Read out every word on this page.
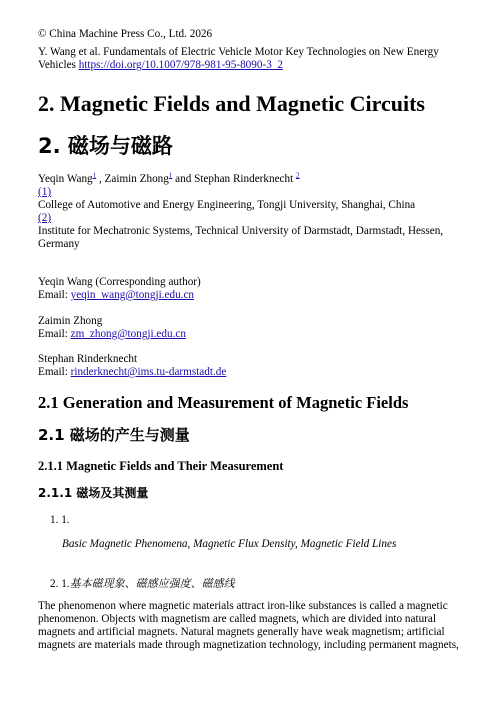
© China Machine Press Co., Ltd. 2026
Y. Wang et al. Fundamentals of Electric Vehicle Motor Key Technologies on New Energy
Vehicles https://doi.org/10.1007/978-981-95-8090-3_2
2. Magnetic Fields and Magnetic Circuits
2. 磁场与磁路
Yeqin Wang$^1$ , Zaimin Zhong$^1$ and Stephan Rinderknecht $^2$
(1)
College of Automotive and Energy Engineering, Tongji University, Shanghai, China
(2)
Institute for Mechatronic Systems, Technical University of Darmstadt, Darmstadt, Hessen, Germany
Yeqin Wang (Corresponding author)
Email: yeqin_wang@tongji.edu.cn
Zaimin Zhong
Email: zm_zhong@tongji.edu.cn
Stephan Rinderknecht
Email: rinderknecht@ims.tu-darmstadt.de
2.1 Generation and Measurement of Magnetic Fields
2.1 磁场的产生与测量
2.1.1 Magnetic Fields and Their Measurement
2.1.1 磁场及其测量
1. 1.
Basic Magnetic Phenomena, Magnetic Flux Density, Magnetic Field Lines
2. 1.基本磁现象、磁感应强度、磁感线
The phenomenon where magnetic materials attract iron-like substances is called a magnetic
phenomenon. Objects with magnetism are called magnets, which are divided into natural
magnets and artificial magnets. Natural magnets generally have weak magnetism; artificial
magnets are materials made through magnetization technology, including permanent magnets,
